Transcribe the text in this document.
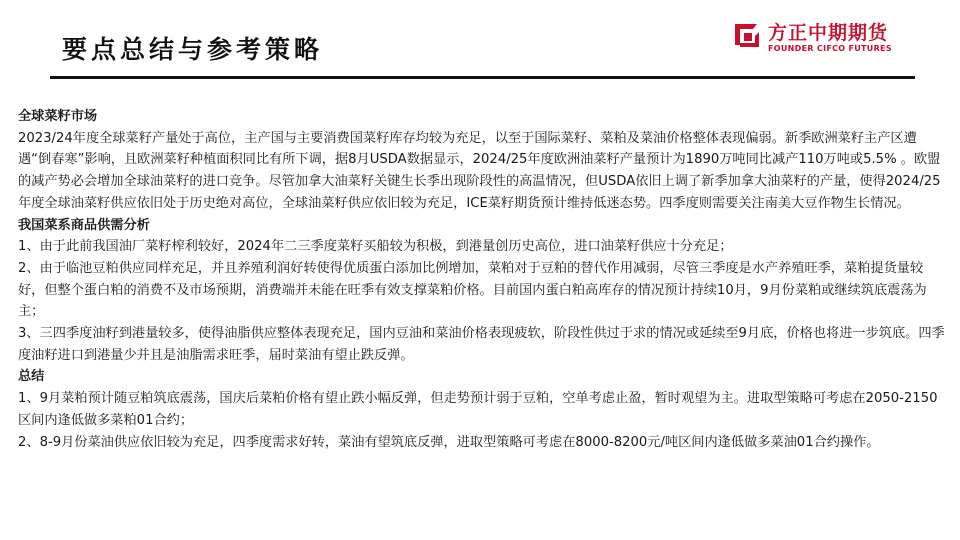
要点总结与参考策略
方正中期期货
FOUNDER CIFCO FUTURES
全球菜籽市场

2023/24年度全球菜籽产量处于高位，主产国与主要消费国菜籽库存均较为充足，以至于国际菜籽、菜粕及菜油价格整体表现偏弱。新季欧洲菜籽主产区遭遇“倒春寒”影响，且欧洲菜籽种植面积同比有所下调，据8月USDA数据显示，2024/25年度欧洲油菜籽产量预计为1890万吨同比减产110万吨或5.5% 。欧盟的减产势必会增加全球油菜籽的进口竞争。尽管加拿大油菜籽关键生长季出现阶段性的高温情况，但USDA依旧上调了新季加拿大油菜籽的产量，使得2024/25年度全球油菜籽供应依旧处于历史绝对高位，全球油菜籽供应依旧较为充足，ICE菜籽期货预计维持低迷态势。四季度则需要关注南美大豆作物生长情况。

我国菜系商品供需分析

1、由于此前我国油厂菜籽榨利较好，2024年二三季度菜籽买船较为积极，到港量创历史高位，进口油菜籽供应十分充足；

2、由于临池豆粕供应同样充足，并且养殖利润好转使得优质蛋白添加比例增加，菜粕对于豆粕的替代作用减弱，尽管三季度是水产养殖旺季，菜粕提货量较好，但整个蛋白粕的消费不及市场预期，消费端并未能在旺季有效支撑菜粕价格。目前国内蛋白粕高库存的情况预计持续10月，9月份菜粕或继续筑底震荡为主；

3、三四季度油籽到港量较多，使得油脂供应整体表现充足，国内豆油和菜油价格表现疲软，阶段性供过于求的情况或延续至9月底，价格也将进一步筑底。四季度油籽进口到港量少并且是油脂需求旺季，届时菜油有望止跌反弹。

总结

1、9月菜粕预计随豆粕筑底震荡，国庆后菜粕价格有望止跌小幅反弹，但走势预计弱于豆粕，空单考虑止盈，暂时观望为主。进取型策略可考虑在2050-2150区间内逢低做多菜粕01合约；

2、8-9月份菜油供应依旧较为充足，四季度需求好转，菜油有望筑底反弹，进取型策略可考虑在8000-8200元/吨区间内逢低做多菜油01合约操作。
